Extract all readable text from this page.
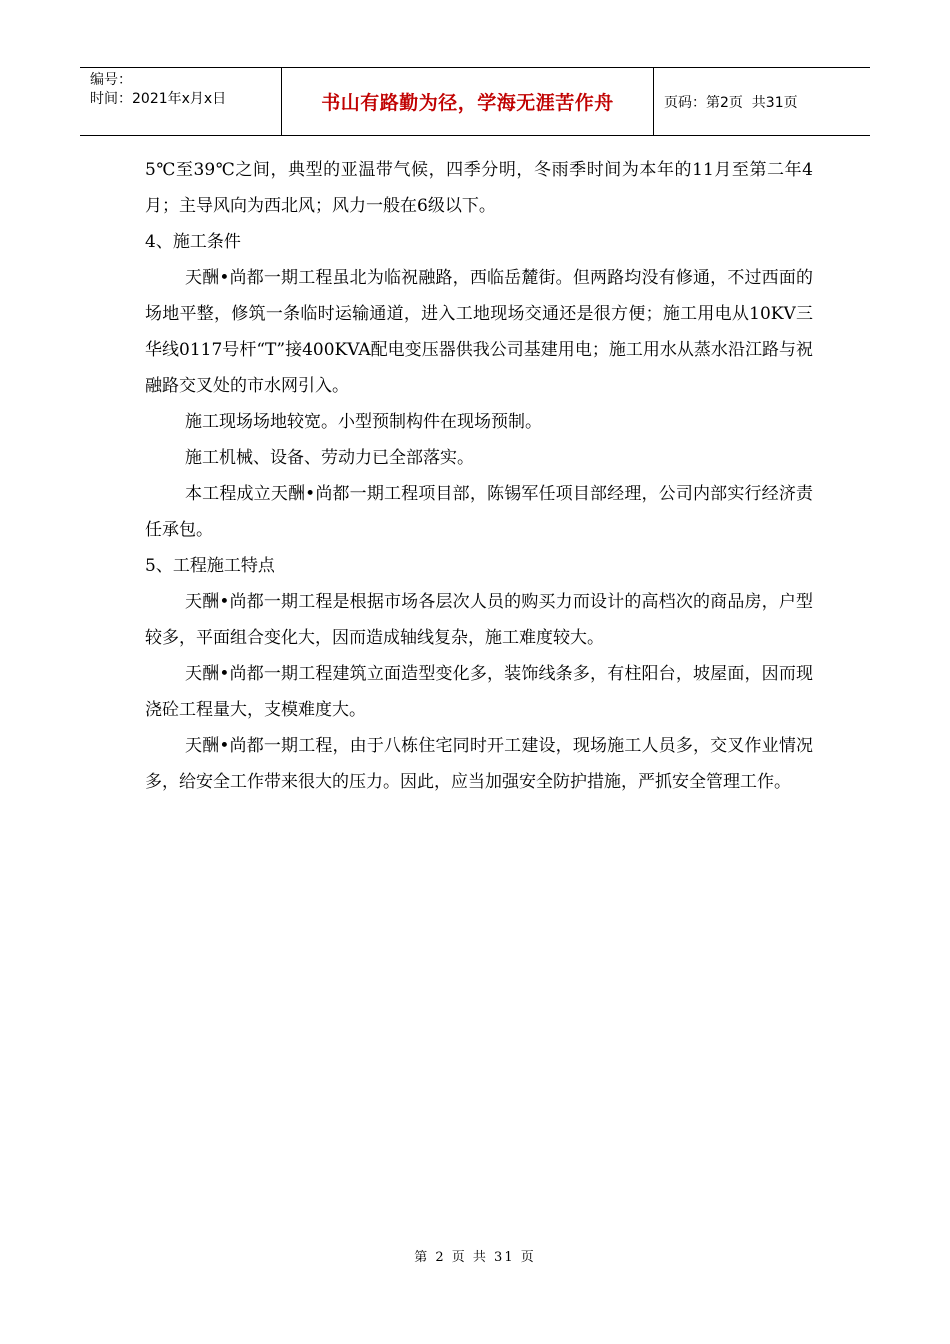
编号：
时间：2021年x月x日	书山有路勤为径，学海无涯苦作舟	页码：第2页  共31页

5℃至39℃之间，典型的亚温带气候，四季分明，冬雨季时间为本年的11月至第二年4月；主导风向为西北风；风力一般在6级以下。

4、施工条件

天酬•尚都一期工程虽北为临祝融路，西临岳麓街。但两路均没有修通，不过西面的场地平整，修筑一条临时运输通道，进入工地现场交通还是很方便；施工用电从10KV三华线0117号杆“T”接400KVA配电变压器供我公司基建用电；施工用水从蒸水沿江路与祝融路交叉处的市水网引入。

施工现场场地较宽。小型预制构件在现场预制。

施工机械、设备、劳动力已全部落实。

本工程成立天酬•尚都一期工程项目部，陈锡军任项目部经理，公司内部实行经济责任承包。

5、工程施工特点

天酬•尚都一期工程是根据市场各层次人员的购买力而设计的高档次的商品房，户型较多，平面组合变化大，因而造成轴线复杂，施工难度较大。

天酬•尚都一期工程建筑立面造型变化多，装饰线条多，有柱阳台，坡屋面，因而现浇砼工程量大，支模难度大。

天酬•尚都一期工程，由于八栋住宅同时开工建设，现场施工人员多，交叉作业情况多，给安全工作带来很大的压力。因此，应当加强安全防护措施，严抓安全管理工作。

第 2 页 共 31 页
